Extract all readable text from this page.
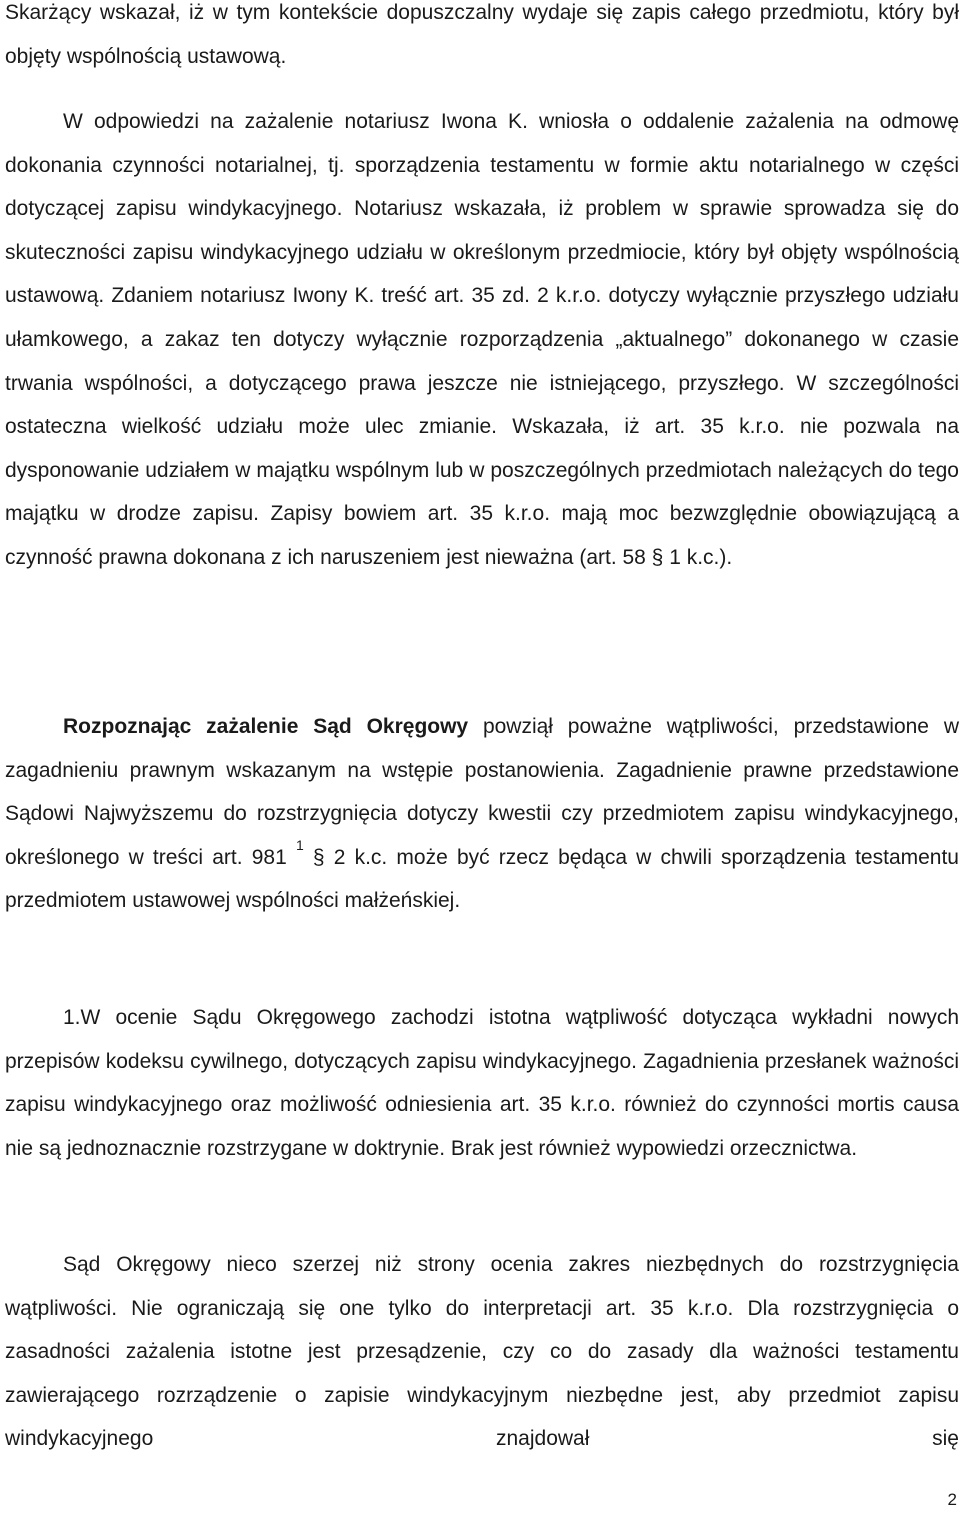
Skarżący wskazał, iż w tym kontekście dopuszczalny wydaje się zapis całego przedmiotu, który był objęty wspólnością ustawową.

W odpowiedzi na zażalenie notariusz Iwona K. wniosła o oddalenie zażalenia na odmowę dokonania czynności notarialnej, tj. sporządzenia testamentu w formie aktu notarialnego w części dotyczącej zapisu windykacyjnego. Notariusz wskazała, iż problem w sprawie sprowadza się do skuteczności zapisu windykacyjnego udziału w określonym przedmiocie, który był objęty wspólnością ustawową. Zdaniem notariusz Iwony K. treść art. 35 zd. 2 k.r.o. dotyczy wyłącznie przyszłego udziału ułamkowego, a zakaz ten dotyczy wyłącznie rozporządzenia „aktualnego” dokonanego w czasie trwania wspólności, a dotyczącego prawa jeszcze nie istniejącego, przyszłego. W szczególności ostateczna wielkość udziału może ulec zmianie. Wskazała, iż art. 35 k.r.o. nie pozwala na dysponowanie udziałem w majątku wspólnym lub w poszczególnych przedmiotach należących do tego majątku w drodze zapisu. Zapisy bowiem art. 35 k.r.o. mają moc bezwzględnie obowiązującą a czynność prawna dokonana z ich naruszeniem jest nieważna (art. 58 § 1 k.c.).

Rozpoznając zażalenie Sąd Okręgowy powziął poważne wątpliwości, przedstawione w zagadnieniu prawnym wskazanym na wstępie postanowienia. Zagadnienie prawne przedstawione Sądowi Najwyższemu do rozstrzygnięcia dotyczy kwestii czy przedmiotem zapisu windykacyjnego, określonego w treści art. 981 $^1$ § 2 k.c. może być rzecz będąca w chwili sporządzenia testamentu przedmiotem ustawowej wspólności małżeńskiej.

1.W ocenie Sądu Okręgowego zachodzi istotna wątpliwość dotycząca wykładni nowych przepisów kodeksu cywilnego, dotyczących zapisu windykacyjnego. Zagadnienia przesłanek ważności zapisu windykacyjnego oraz możliwość odniesienia art. 35 k.r.o. również do czynności mortis causa nie są jednoznacznie rozstrzygane w doktrynie. Brak jest również wypowiedzi orzecznictwa.

Sąd Okręgowy nieco szerzej niż strony ocenia zakres niezbędnych do rozstrzygnięcia wątpliwości. Nie ograniczają się one tylko do interpretacji art. 35 k.r.o. Dla rozstrzygnięcia o zasadności zażalenia istotne jest przesądzenie, czy co do zasady dla ważności testamentu zawierającego rozrządzenie o zapisie windykacyjnym niezbędne jest, aby przedmiot zapisu windykacyjnego znajdował się

2
